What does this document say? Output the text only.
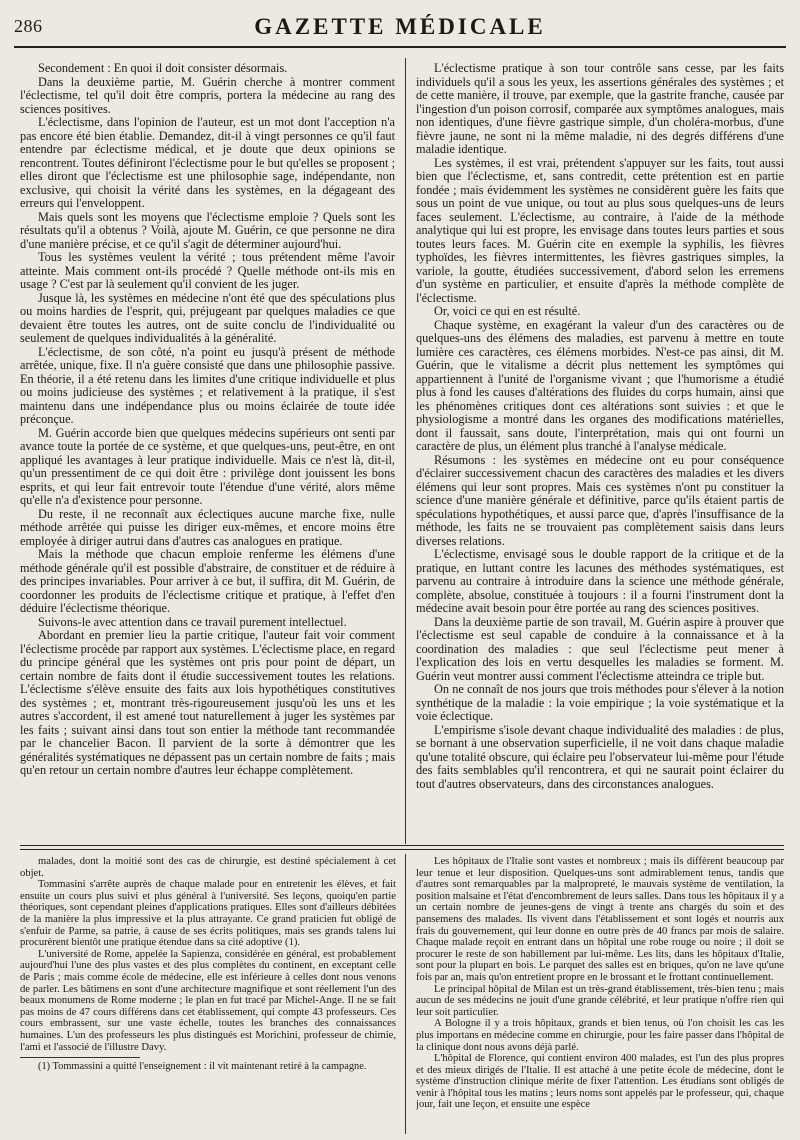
286	GAZETTE MÉDICALE

Secondement : En quoi il doit consister désormais.

Dans la deuxième partie, M. Guérin cherche à montrer comment l'éclectisme, tel qu'il doit être compris, portera la médecine au rang des sciences positives.

L'éclectisme, dans l'opinion de l'auteur, est un mot dont l'acception n'a pas encore été bien établie. Demandez, dit-il à vingt personnes ce qu'il faut entendre par éclectisme médical, et je doute que deux opinions se rencontrent. Toutes définiront l'éclectisme pour le but qu'elles se proposent ; elles diront que l'éclectisme est une philosophie sage, indépendante, non exclusive, qui choisit la vérité dans les systèmes, en la dégageant des erreurs qui l'enveloppent.

Mais quels sont les moyens que l'éclectisme emploie ? Quels sont les résultats qu'il a obtenus ? Voilà, ajoute M. Guérin, ce que personne ne dira d'une manière précise, et ce qu'il s'agit de déterminer aujourd'hui.

Tous les systèmes veulent la vérité ; tous prétendent même l'avoir atteinte. Mais comment ont-ils procédé ? Quelle méthode ont-ils mis en usage ? C'est par là seulement qu'il convient de les juger.

Jusque là, les systèmes en médecine n'ont été que des spéculations plus ou moins hardies de l'esprit, qui, préjugeant par quelques maladies ce que devaient être toutes les autres, ont de suite conclu de l'individualité ou seulement de quelques individualités à la généralité.

L'éclectisme, de son côté, n'a point eu jusqu'à présent de méthode arrêtée, unique, fixe. Il n'a guère consisté que dans une philosophie passive. En théorie, il a été retenu dans les limites d'une critique individuelle et plus ou moins judicieuse des systèmes ; et relativement à la pratique, il s'est maintenu dans une indépendance plus ou moins éclairée de toute idée préconçue.

M. Guérin accorde bien que quelques médecins supérieurs ont senti par avance toute la portée de ce système, et que quelques-uns, peut-être, en ont appliqué les avantages à leur pratique individuelle. Mais ce n'est là, dit-il, qu'un pressentiment de ce qui doit être : privilège dont jouissent les bons esprits, et qui leur fait entrevoir toute l'étendue d'une vérité, alors même qu'elle n'a d'existence pour personne.

Du reste, il ne reconnaît aux éclectiques aucune marche fixe, nulle méthode arrêtée qui puisse les diriger eux-mêmes, et encore moins être employée à diriger autrui dans d'autres cas analogues en pratique.

Mais la méthode que chacun emploie renferme les élémens d'une méthode générale qu'il est possible d'abstraire, de constituer et de réduire à des principes invariables. Pour arriver à ce but, il suffira, dit M. Guérin, de coordonner les produits de l'éclectisme critique et pratique, à l'effet d'en déduire l'éclectisme théorique.

Suivons-le avec attention dans ce travail purement intellectuel.

Abordant en premier lieu la partie critique, l'auteur fait voir comment l'éclectisme procède par rapport aux systèmes. L'éclectisme place, en regard du principe général que les systèmes ont pris pour point de départ, un certain nombre de faits dont il étudie successivement toutes les relations. L'éclectisme s'élève ensuite des faits aux lois hypothétiques constitutives des systèmes ; et, montrant très-rigoureusement jusqu'où les uns et les autres s'accordent, il est amené tout naturellement à juger les systèmes par les faits ; suivant ainsi dans tout son entier la méthode tant recommandée par le chancelier Bacon. Il parvient de la sorte à démontrer que les généralités systématiques ne dépassent pas un certain nombre de faits ; mais qu'en retour un certain nombre d'autres leur échappe complètement.

L'éclectisme pratique à son tour contrôle sans cesse, par les faits individuels qu'il a sous les yeux, les assertions générales des systèmes ; et de cette manière, il trouve, par exemple, que la gastrite franche, causée par l'ingestion d'un poison corrosif, comparée aux symptômes analogues, mais non identiques, d'une fièvre gastrique simple, d'un choléra-morbus, d'une fièvre jaune, ne sont ni la même maladie, ni des degrés différens d'une maladie identique.

Les systèmes, il est vrai, prétendent s'appuyer sur les faits, tout aussi bien que l'éclectisme, et, sans contredit, cette prétention est en partie fondée ; mais évidemment les systèmes ne considèrent guère les faits que sous un point de vue unique, ou tout au plus sous quelques-uns de leurs faces seulement. L'éclectisme, au contraire, à l'aide de la méthode analytique qui lui est propre, les envisage dans toutes leurs parties et sous toutes leurs faces. M. Guérin cite en exemple la syphilis, les fièvres typhoïdes, les fièvres intermittentes, les fièvres gastriques simples, la variole, la goutte, étudiées successivement, d'abord selon les erremens d'un système en particulier, et ensuite d'après la méthode complète de l'éclectisme.

Or, voici ce qui en est résulté.

Chaque système, en exagérant la valeur d'un des caractères ou de quelques-uns des élémens des maladies, est parvenu à mettre en toute lumière ces caractères, ces élémens morbides. N'est-ce pas ainsi, dit M. Guérin, que le vitalisme a décrit plus nettement les symptômes qui appartiennent à l'unité de l'organisme vivant ; que l'humorisme a étudié plus à fond les causes d'altérations des fluides du corps humain, ainsi que les phénomènes critiques dont ces altérations sont suivies : et que le physiologisme a montré dans les organes des modifications matérielles, dont il faussait, sans doute, l'interprétation, mais qui ont fourni un caractère de plus, un élément plus tranché à l'analyse médicale.

Résumons : les systèmes en médecine ont eu pour conséquence d'éclairer successivement chacun des caractères des maladies et les divers élémens qui leur sont propres. Mais ces systèmes n'ont pu constituer la science d'une manière générale et définitive, parce qu'ils étaient partis de spéculations hypothétiques, et aussi parce que, d'après l'insuffisance de la méthode, les faits ne se trouvaient pas complètement saisis dans leurs diverses relations.

L'éclectisme, envisagé sous le double rapport de la critique et de la pratique, en luttant contre les lacunes des méthodes systématiques, est parvenu au contraire à introduire dans la science une méthode générale, complète, absolue, constituée à toujours : il a fourni l'instrument dont la médecine avait besoin pour être portée au rang des sciences positives.

Dans la deuxième partie de son travail, M. Guérin aspire à prouver que l'éclectisme est seul capable de conduire à la connaissance et à la coordination des maladies : que seul l'éclectisme peut mener à l'explication des lois en vertu desquelles les maladies se forment. M. Guérin veut montrer aussi comment l'éclectisme atteindra ce triple but.

On ne connaît de nos jours que trois méthodes pour s'élever à la notion synthétique de la maladie : la voie empirique ; la voie systématique et la voie éclectique.

L'empirisme s'isole devant chaque individualité des maladies : de plus, se bornant à une observation superficielle, il ne voit dans chaque maladie qu'une totalité obscure, qui éclaire peu l'observateur lui-même pour l'étude des faits semblables qu'il rencontrera, et qui ne saurait point éclairer du tout d'autres observateurs, dans des circonstances analogues.

malades, dont la moitié sont des cas de chirurgie, est destiné spécialement à cet objet.

Tommasini s'arrête auprès de chaque malade pour en entretenir les élèves, et fait ensuite un cours plus suivi et plus général à l'université. Ses leçons, quoiqu'en partie théoriques, sont cependant pleines d'applications pratiques. Elles sont d'ailleurs débitées de la manière la plus impressive et la plus attrayante. Ce grand praticien fut obligé de s'enfuir de Parme, sa patrie, à cause de ses écrits politiques, mais ses grands talens lui procurèrent bientôt une pratique étendue dans sa cité adoptive (1).

L'université de Rome, appelée la Sapienza, considérée en général, est probablement aujourd'hui l'une des plus vastes et des plus complètes du continent, en exceptant celle de Paris ; mais comme école de médecine, elle est inférieure à celles dont nous venons de parler. Les bâtimens en sont d'une architecture magnifique et sont réellement l'un des beaux monumens de Rome moderne ; le plan en fut tracé par Michel-Ange. Il ne se fait pas moins de 47 cours différens dans cet établissement, qui compte 43 professeurs. Ces cours embrassent, sur une vaste échelle, toutes les branches des connaissances humaines. L'un des professeurs les plus distingués est Morichini, professeur de chimie, l'ami et l'associé de l'illustre Davy.

(1) Tommassini a quitté l'enseignement : il vit maintenant retiré à la campagne.

Les hôpitaux de l'Italie sont vastes et nombreux ; mais ils diffèrent beaucoup par leur tenue et leur disposition. Quelques-uns sont admirablement tenus, tandis que d'autres sont remarquables par la malpropreté, le mauvais système de ventilation, la position malsaine et l'état d'encombrement de leurs salles. Dans tous les hôpitaux il y a un certain nombre de jeunes-gens de vingt à trente ans chargés du soin et des pansemens des malades. Ils vivent dans l'établissement et sont logés et nourris aux frais du gouvernement, qui leur donne en outre près de 40 francs par mois de salaire. Chaque malade reçoit en entrant dans un hôpital une robe rouge ou noire ; il doit se procurer le reste de son habillement par lui-même. Les lits, dans les hôpitaux d'Italie, sont pour la plupart en bois. Le parquet des salles est en briques, qu'on ne lave qu'une fois par an, mais qu'on entretient propre en le brossant et le frottant continuellement.

Le principal hôpital de Milan est un très-grand établissement, très-bien tenu ; mais aucun de ses médecins ne jouit d'une grande célébrité, et leur pratique n'offre rien qui leur soit particulier.

A Bologne il y a trois hôpitaux, grands et bien tenus, où l'on choisit les cas les plus importans en médecine comme en chirurgie, pour les faire passer dans l'hôpital de la clinique dont nous avons déjà parlé.

L'hôpital de Florence, qui contient environ 400 malades, est l'un des plus propres et des mieux dirigés de l'Italie. Il est attaché à une petite école de médecine, dont le système d'instruction clinique mérite de fixer l'attention. Les étudians sont obligés de venir à l'hôpital tous les matins ; leurs noms sont appelés par le professeur, qui, chaque jour, fait une leçon, et ensuite une espèce
